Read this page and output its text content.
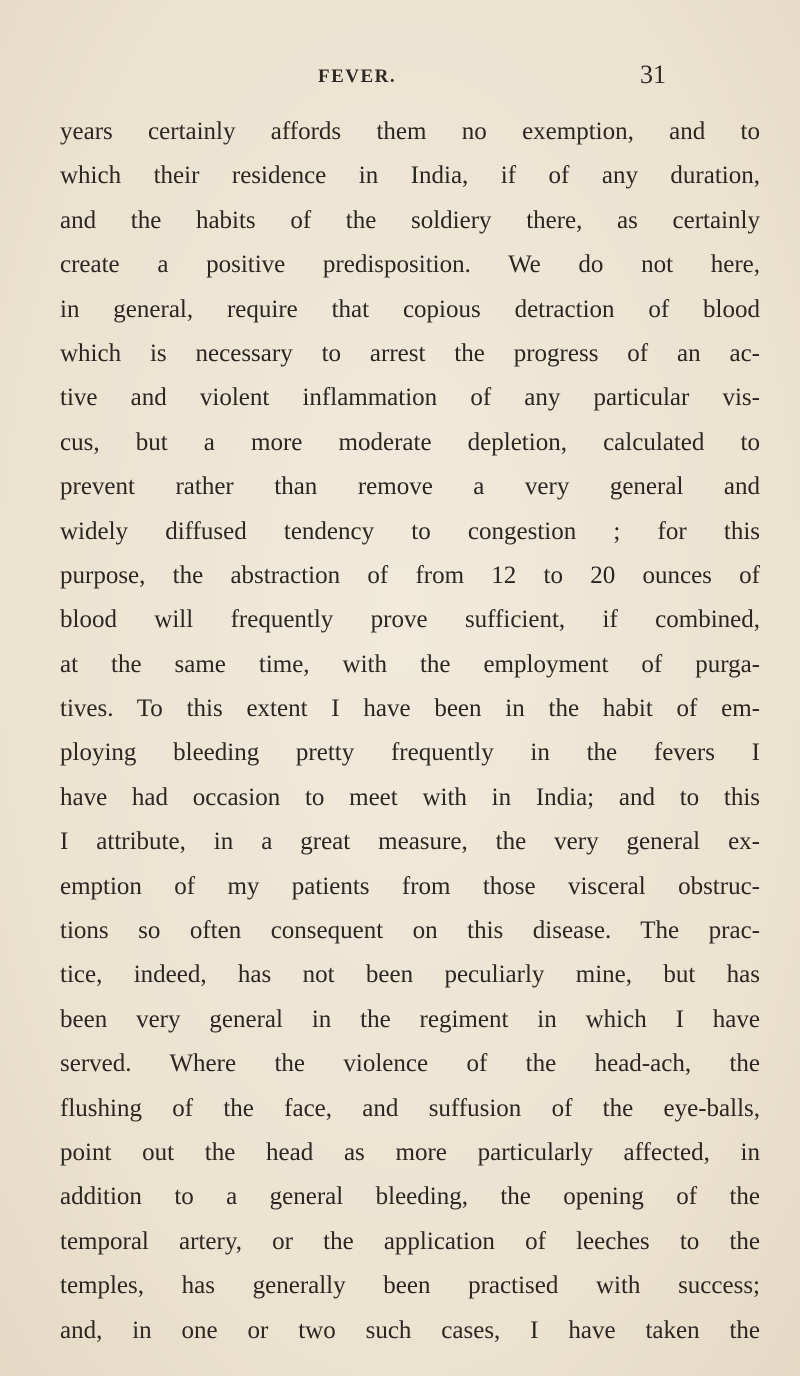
FEVER.	31
years certainly affords them no exemption, and to
which their residence in India, if of any duration,
and the habits of the soldiery there, as certainly
create a positive predisposition. We do not here,
in general, require that copious detraction of blood
which is necessary to arrest the progress of an ac-
tive and violent inflammation of any particular vis-
cus, but a more moderate depletion, calculated to
prevent rather than remove a very general and
widely diffused tendency to congestion ; for this
purpose, the abstraction of from 12 to 20 ounces of
blood will frequently prove sufficient, if combined,
at the same time, with the employment of purga-
tives. To this extent I have been in the habit of em-
ploying bleeding pretty frequently in the fevers I
have had occasion to meet with in India; and to this
I attribute, in a great measure, the very general ex-
emption of my patients from those visceral obstruc-
tions so often consequent on this disease. The prac-
tice, indeed, has not been peculiarly mine, but has
been very general in the regiment in which I have
served. Where the violence of the head-ach, the
flushing of the face, and suffusion of the eye-balls,
point out the head as more particularly affected, in
addition to a general bleeding, the opening of the
temporal artery, or the application of leeches to the
temples, has generally been practised with success;
and, in one or two such cases, I have taken the
